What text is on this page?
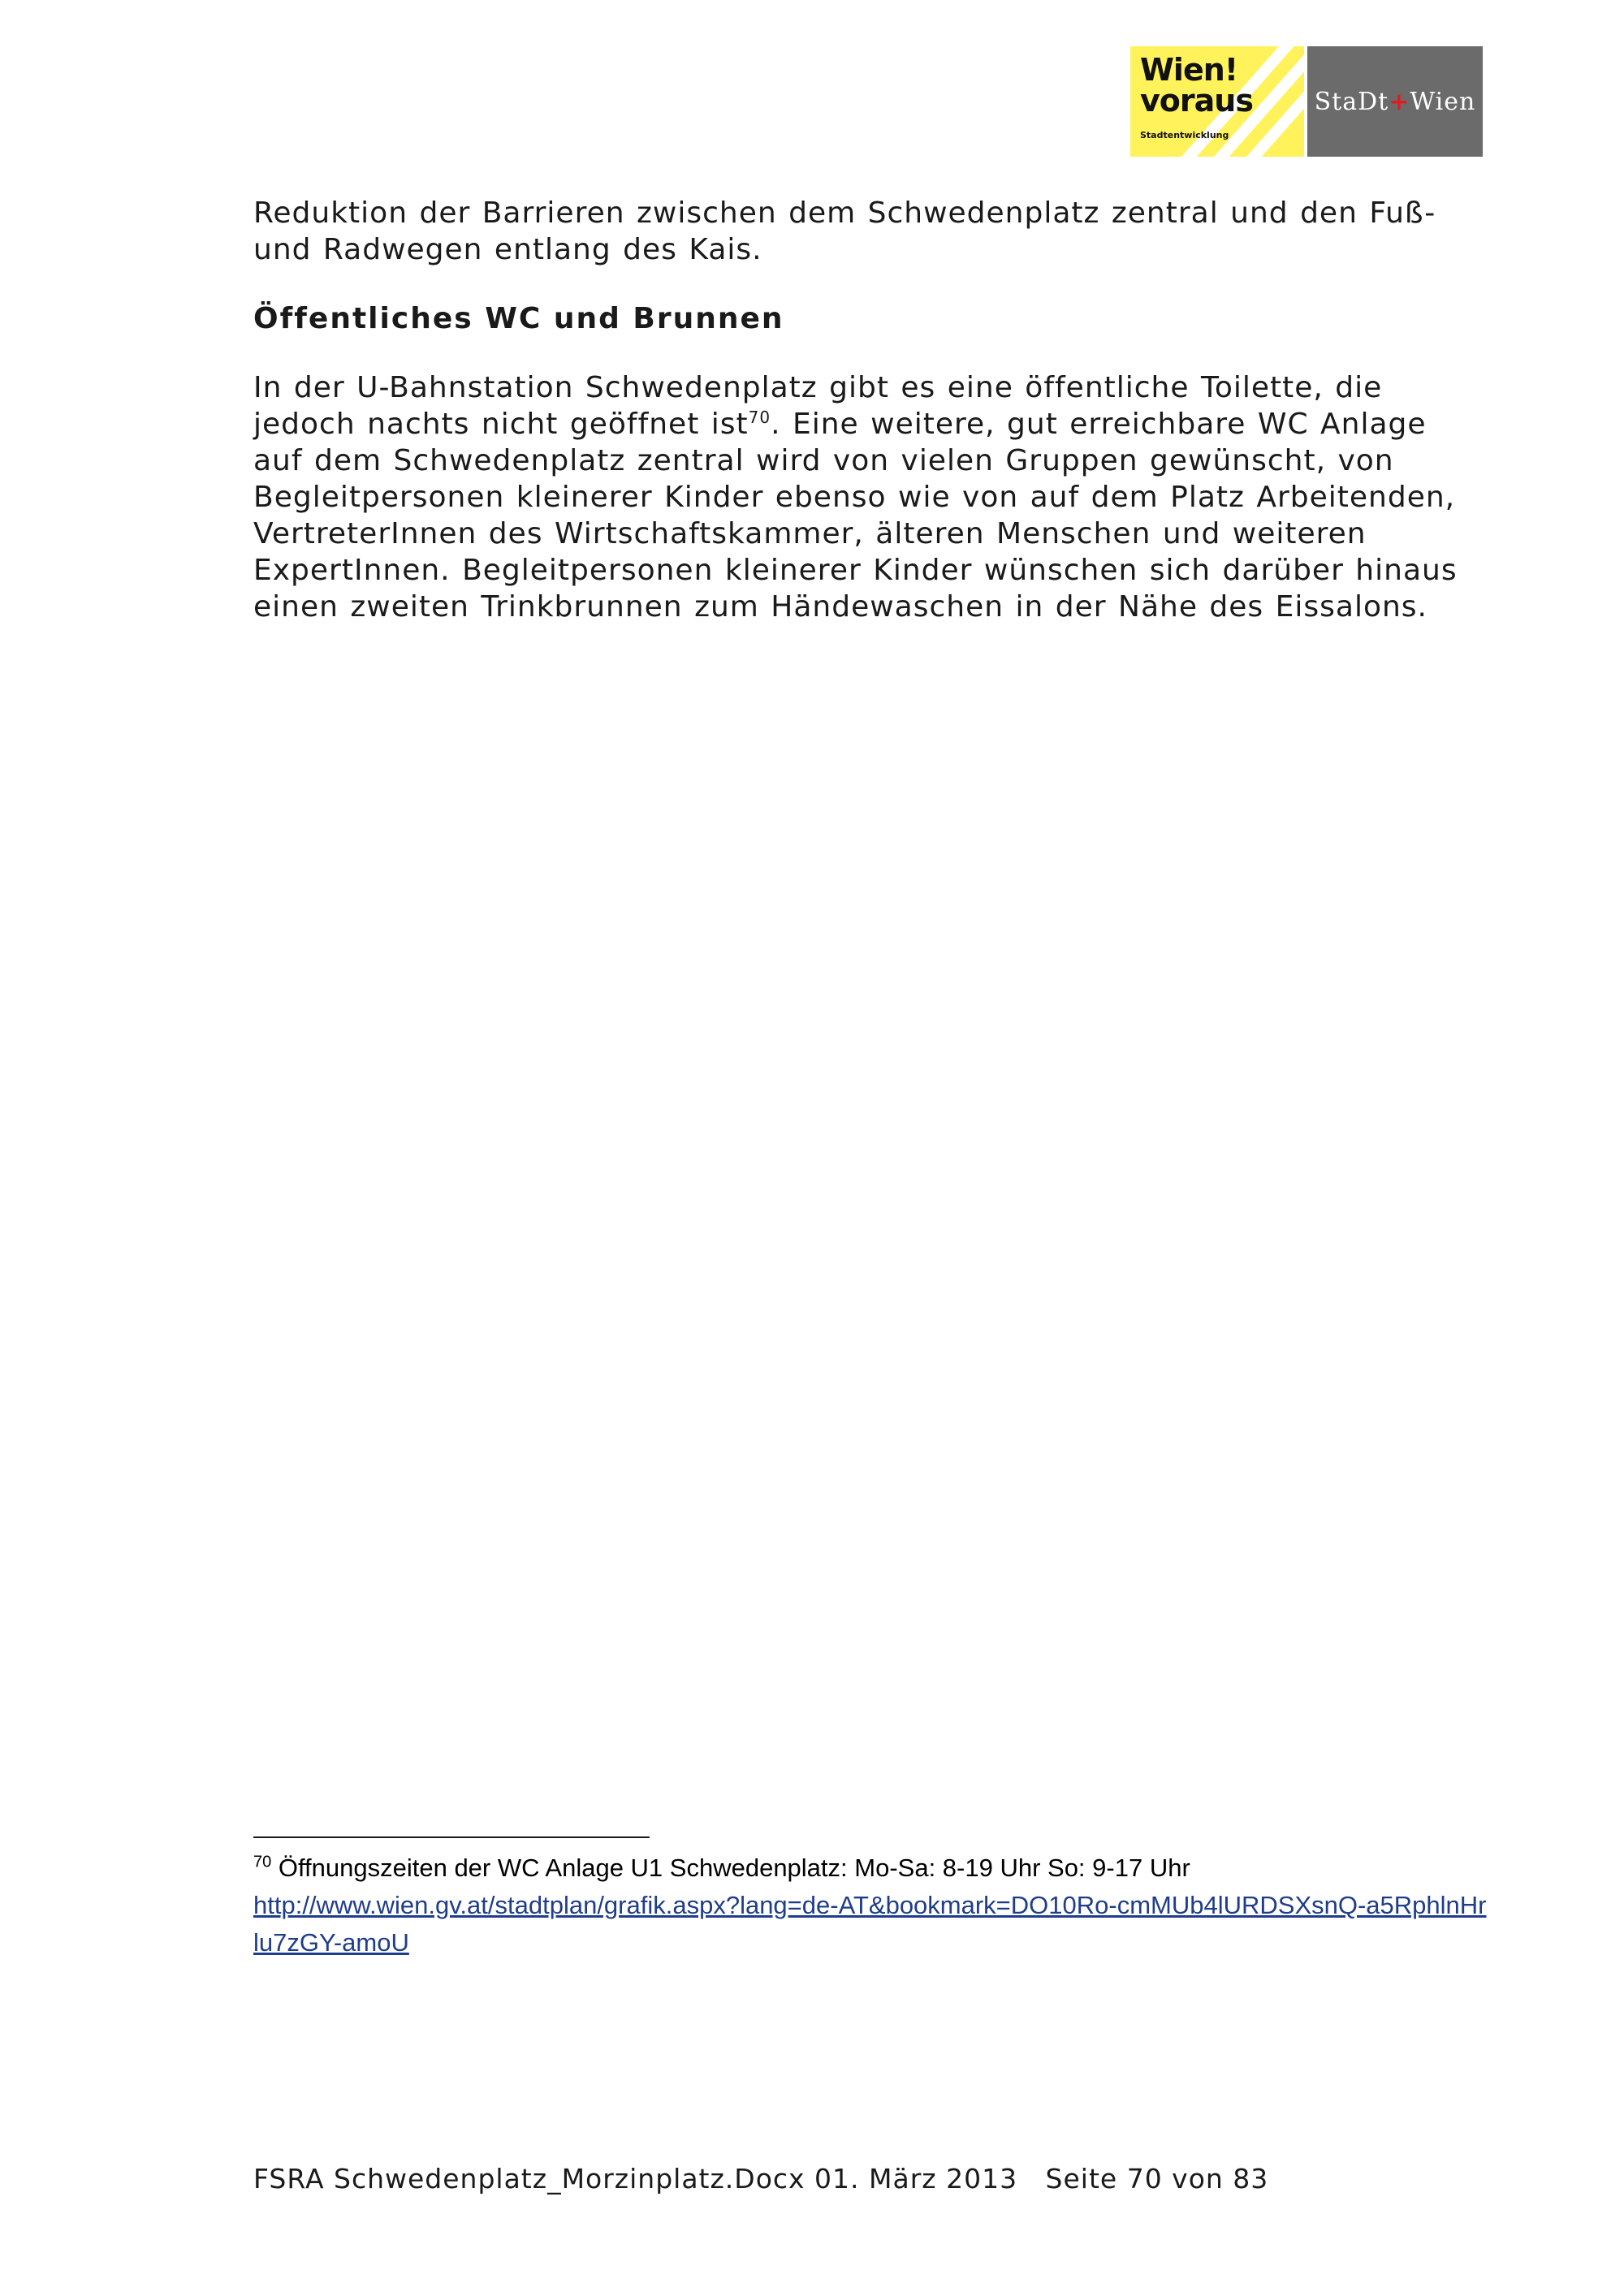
Wien!
voraus
Stadtentwicklung
StaDt+Wien

Reduktion der Barrieren zwischen dem Schwedenplatz zentral und den Fuß- und Radwegen entlang des Kais.

Öffentliches WC und Brunnen

In der U-Bahnstation Schwedenplatz gibt es eine öffentliche Toilette, die jedoch nachts nicht geöffnet ist$^{70}$. Eine weitere, gut erreichbare WC Anlage auf dem Schwedenplatz zentral wird von vielen Gruppen gewünscht, von Begleitpersonen kleinerer Kinder ebenso wie von auf dem Platz Arbeitenden, VertreterInnen des Wirtschaftskammer, älteren Menschen und weiteren ExpertInnen. Begleitpersonen kleinerer Kinder wünschen sich darüber hinaus einen zweiten Trinkbrunnen zum Händewaschen in der Nähe des Eissalons.

$^{70}$ Öffnungszeiten der WC Anlage U1 Schwedenplatz: Mo-Sa: 8-19 Uhr So: 9-17 Uhr
http://www.wien.gv.at/stadtplan/grafik.aspx?lang=de-AT&bookmark=DO10Ro-cmMUb4lURDSXsnQ-a5RphlnHrlu7zGY-amoU
FSRA Schwedenplatz_Morzinplatz.Docx 01. März 2013   Seite 70 von 83
